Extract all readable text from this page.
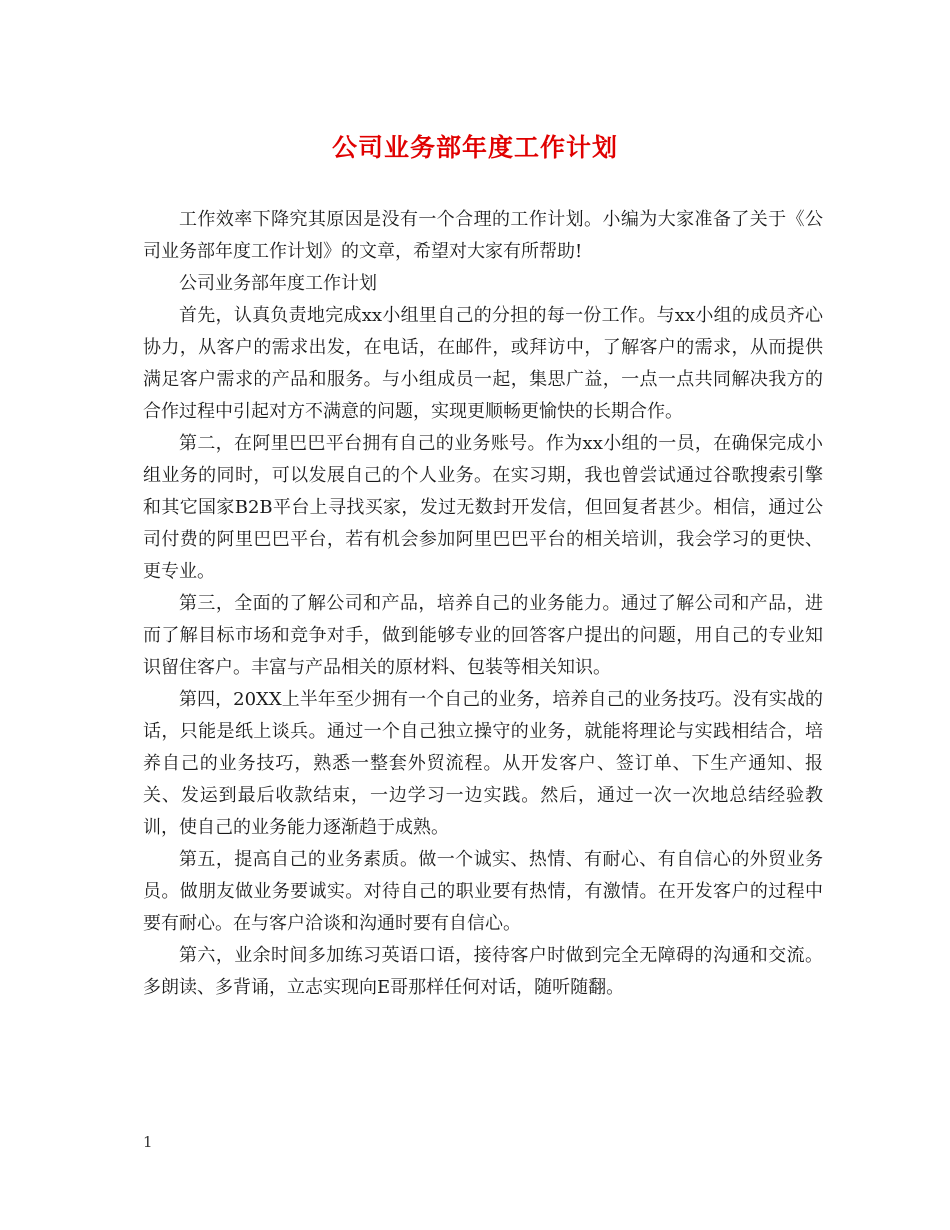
公司业务部年度工作计划

工作效率下降究其原因是没有一个合理的工作计划。小编为大家准备了关于《公司业务部年度工作计划》的文章，希望对大家有所帮助!

公司业务部年度工作计划

首先，认真负责地完成xx小组里自己的分担的每一份工作。与xx小组的成员齐心协力，从客户的需求出发，在电话，在邮件，或拜访中，了解客户的需求，从而提供满足客户需求的产品和服务。与小组成员一起，集思广益，一点一点共同解决我方的合作过程中引起对方不满意的问题，实现更顺畅更愉快的长期合作。

第二，在阿里巴巴平台拥有自己的业务账号。作为xx小组的一员，在确保完成小组业务的同时，可以发展自己的个人业务。在实习期，我也曾尝试通过谷歌搜索引擎和其它国家B2B平台上寻找买家，发过无数封开发信，但回复者甚少。相信，通过公司付费的阿里巴巴平台，若有机会参加阿里巴巴平台的相关培训，我会学习的更快、更专业。

第三，全面的了解公司和产品，培养自己的业务能力。通过了解公司和产品，进而了解目标市场和竞争对手，做到能够专业的回答客户提出的问题，用自己的专业知识留住客户。丰富与产品相关的原材料、包装等相关知识。

第四，20XX上半年至少拥有一个自己的业务，培养自己的业务技巧。没有实战的话，只能是纸上谈兵。通过一个自己独立操守的业务，就能将理论与实践相结合，培养自己的业务技巧，熟悉一整套外贸流程。从开发客户、签订单、下生产通知、报关、发运到最后收款结束，一边学习一边实践。然后，通过一次一次地总结经验教训，使自己的业务能力逐渐趋于成熟。

第五，提高自己的业务素质。做一个诚实、热情、有耐心、有自信心的外贸业务员。做朋友做业务要诚实。对待自己的职业要有热情，有激情。在开发客户的过程中要有耐心。在与客户洽谈和沟通时要有自信心。

第六，业余时间多加练习英语口语，接待客户时做到完全无障碍的沟通和交流。多朗读、多背诵，立志实现向E哥那样任何对话，随听随翻。

1
